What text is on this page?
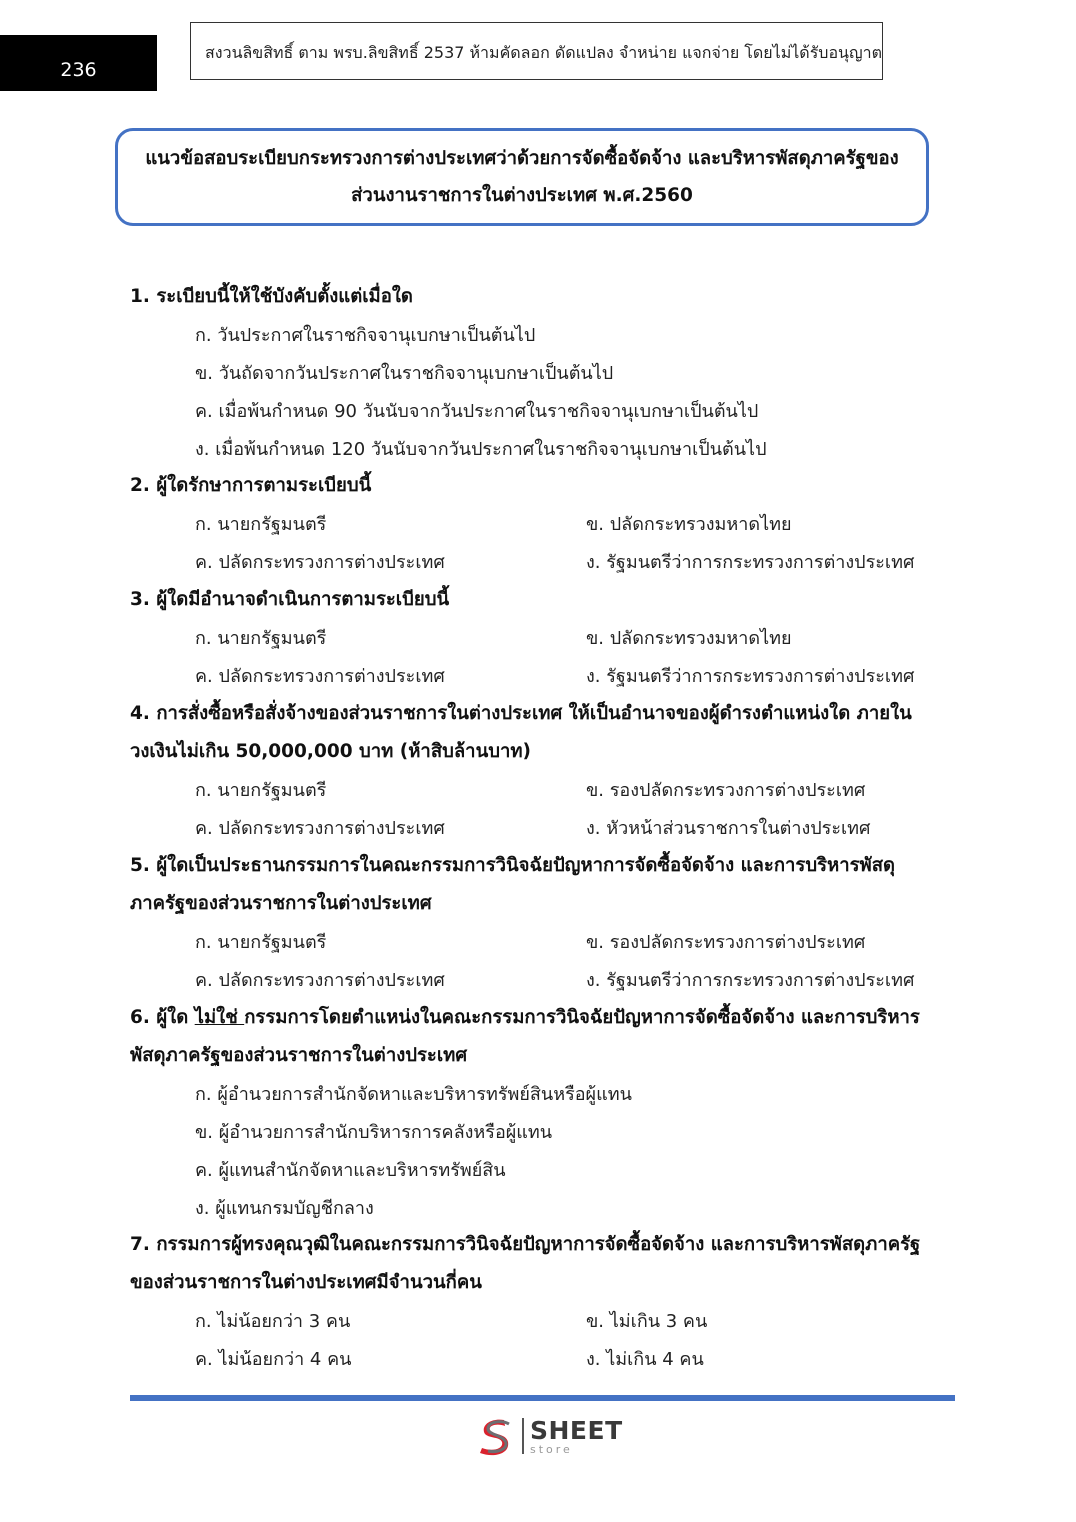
236
สงวนลิขสิทธิ์ ตาม พรบ.ลิขสิทธิ์ 2537 ห้ามคัดลอก ดัดแปลง จำหน่าย แจกจ่าย โดยไม่ได้รับอนุญาต
แนวข้อสอบระเบียบกระทรวงการต่างประเทศว่าด้วยการจัดซื้อจัดจ้าง และบริหารพัสดุภาครัฐของ
ส่วนงานราชการในต่างประเทศ พ.ศ.2560
1. ระเบียบนี้ให้ใช้บังคับตั้งแต่เมื่อใด
ก. วันประกาศในราชกิจจานุเบกษาเป็นต้นไป
ข. วันถัดจากวันประกาศในราชกิจจานุเบกษาเป็นต้นไป
ค. เมื่อพ้นกำหนด 90 วันนับจากวันประกาศในราชกิจจานุเบกษาเป็นต้นไป
ง. เมื่อพ้นกำหนด 120 วันนับจากวันประกาศในราชกิจจานุเบกษาเป็นต้นไป
2. ผู้ใดรักษาการตามระเบียบนี้
ก. นายกรัฐมนตรี	ข. ปลัดกระทรวงมหาดไทย
ค. ปลัดกระทรวงการต่างประเทศ	ง. รัฐมนตรีว่าการกระทรวงการต่างประเทศ
3. ผู้ใดมีอำนาจดำเนินการตามระเบียบนี้
ก. นายกรัฐมนตรี	ข. ปลัดกระทรวงมหาดไทย
ค. ปลัดกระทรวงการต่างประเทศ	ง. รัฐมนตรีว่าการกระทรวงการต่างประเทศ
4. การสั่งซื้อหรือสั่งจ้างของส่วนราชการในต่างประเทศ ให้เป็นอำนาจของผู้ดำรงตำแหน่งใด ภายใน
วงเงินไม่เกิน 50,000,000 บาท (ห้าสิบล้านบาท)
ก. นายกรัฐมนตรี	ข. รองปลัดกระทรวงการต่างประเทศ
ค. ปลัดกระทรวงการต่างประเทศ	ง. หัวหน้าส่วนราชการในต่างประเทศ
5. ผู้ใดเป็นประธานกรรมการในคณะกรรมการวินิจฉัยปัญหาการจัดซื้อจัดจ้าง และการบริหารพัสดุ
ภาครัฐของส่วนราชการในต่างประเทศ
ก. นายกรัฐมนตรี	ข. รองปลัดกระทรวงการต่างประเทศ
ค. ปลัดกระทรวงการต่างประเทศ	ง. รัฐมนตรีว่าการกระทรวงการต่างประเทศ
6. ผู้ใด ไม่ใช่ กรรมการโดยตำแหน่งในคณะกรรมการวินิจฉัยปัญหาการจัดซื้อจัดจ้าง และการบริหาร
พัสดุภาครัฐของส่วนราชการในต่างประเทศ
ก. ผู้อำนวยการสำนักจัดหาและบริหารทรัพย์สินหรือผู้แทน
ข. ผู้อำนวยการสำนักบริหารการคลังหรือผู้แทน
ค. ผู้แทนสำนักจัดหาและบริหารทรัพย์สิน
ง. ผู้แทนกรมบัญชีกลาง
7. กรรมการผู้ทรงคุณวุฒิในคณะกรรมการวินิจฉัยปัญหาการจัดซื้อจัดจ้าง และการบริหารพัสดุภาครัฐ
ของส่วนราชการในต่างประเทศมีจำนวนกี่คน
ก. ไม่น้อยกว่า 3 คน	ข. ไม่เกิน 3 คน
ค. ไม่น้อยกว่า 4 คน	ง. ไม่เกิน 4 คน
SHEET
store
